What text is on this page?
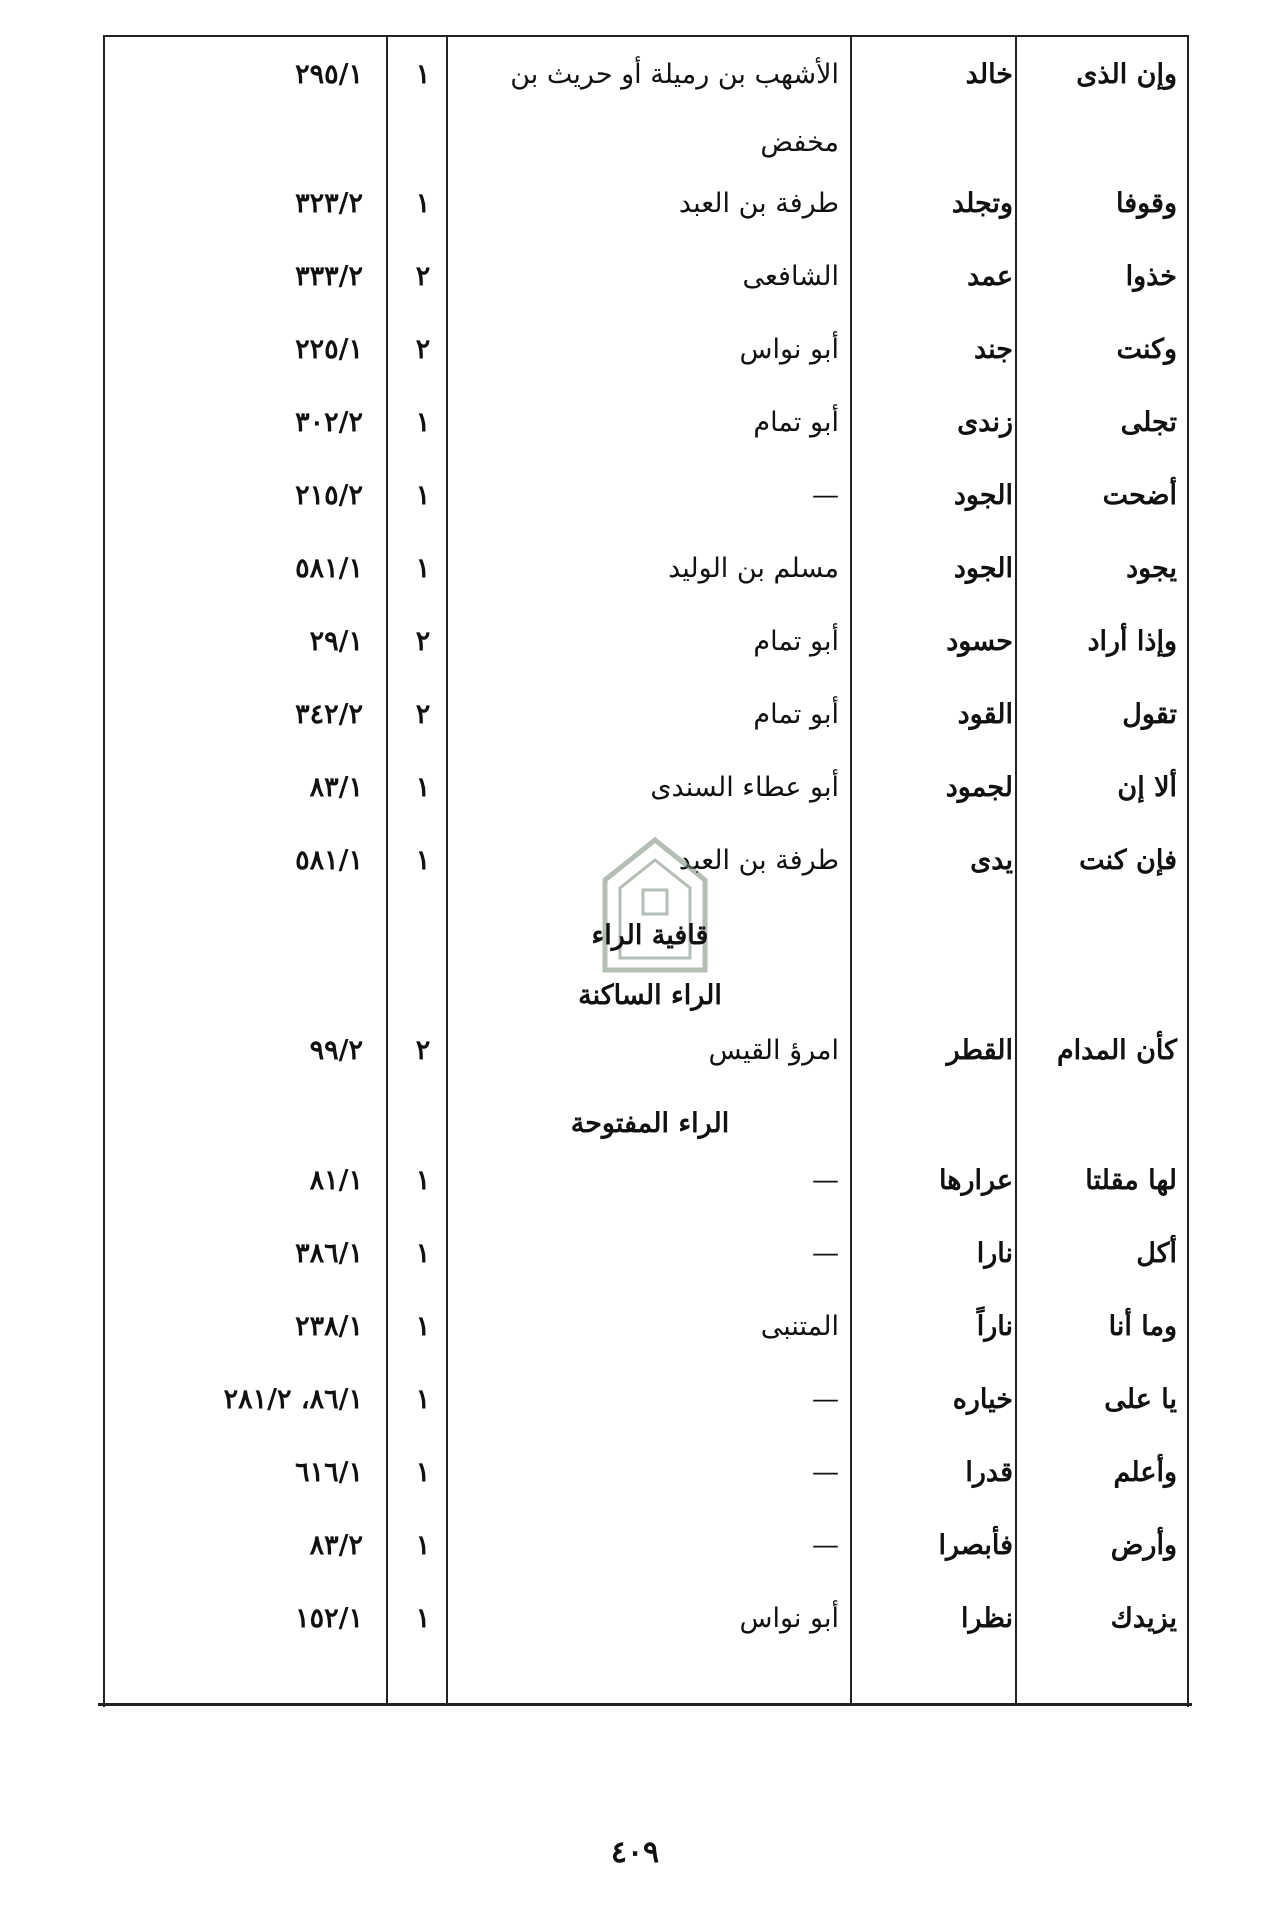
وإن الذى
خالد
الأشهب بن رميلة أو حريث بن
١
٢٩٥/١
مخفض
وقوفا
وتجلد
طرفة بن العبد
١
٣٢٣/٢
خذوا
عمد
الشافعى
٢
٣٣٣/٢
وكنت
جند
أبو نواس
٢
٢٢٥/١
تجلى
زندى
أبو تمام
١
٣٠٢/٢
أضحت
الجود
—
١
٢١٥/٢
يجود
الجود
مسلم بن الوليد
١
٥٨١/١
وإذا أراد
حسود
أبو تمام
٢
٢٩/١
تقول
القود
أبو تمام
٢
٣٤٢/٢
ألا إن
لجمود
أبو عطاء السندى
١
٨٣/١
فإن كنت
يدى
طرفة بن العبد
١
٥٨١/١
قافية الراء
الراء الساكنة
كأن المدام
القطر
امرؤ القيس
٢
٩٩/٢
الراء المفتوحة
لها مقلتا
عرارها
—
١
٨١/١
أكل
نارا
—
١
٣٨٦/١
وما أنا
ناراً
المتنبى
١
٢٣٨/١
يا على
خياره
—
١
٨٦/١، ٢٨١/٢
وأعلم
قدرا
—
١
٦١٦/١
وأرض
فأبصرا
—
١
٨٣/٢
يزيدك
نظرا
أبو نواس
١
١٥٢/١
٤٠٩
